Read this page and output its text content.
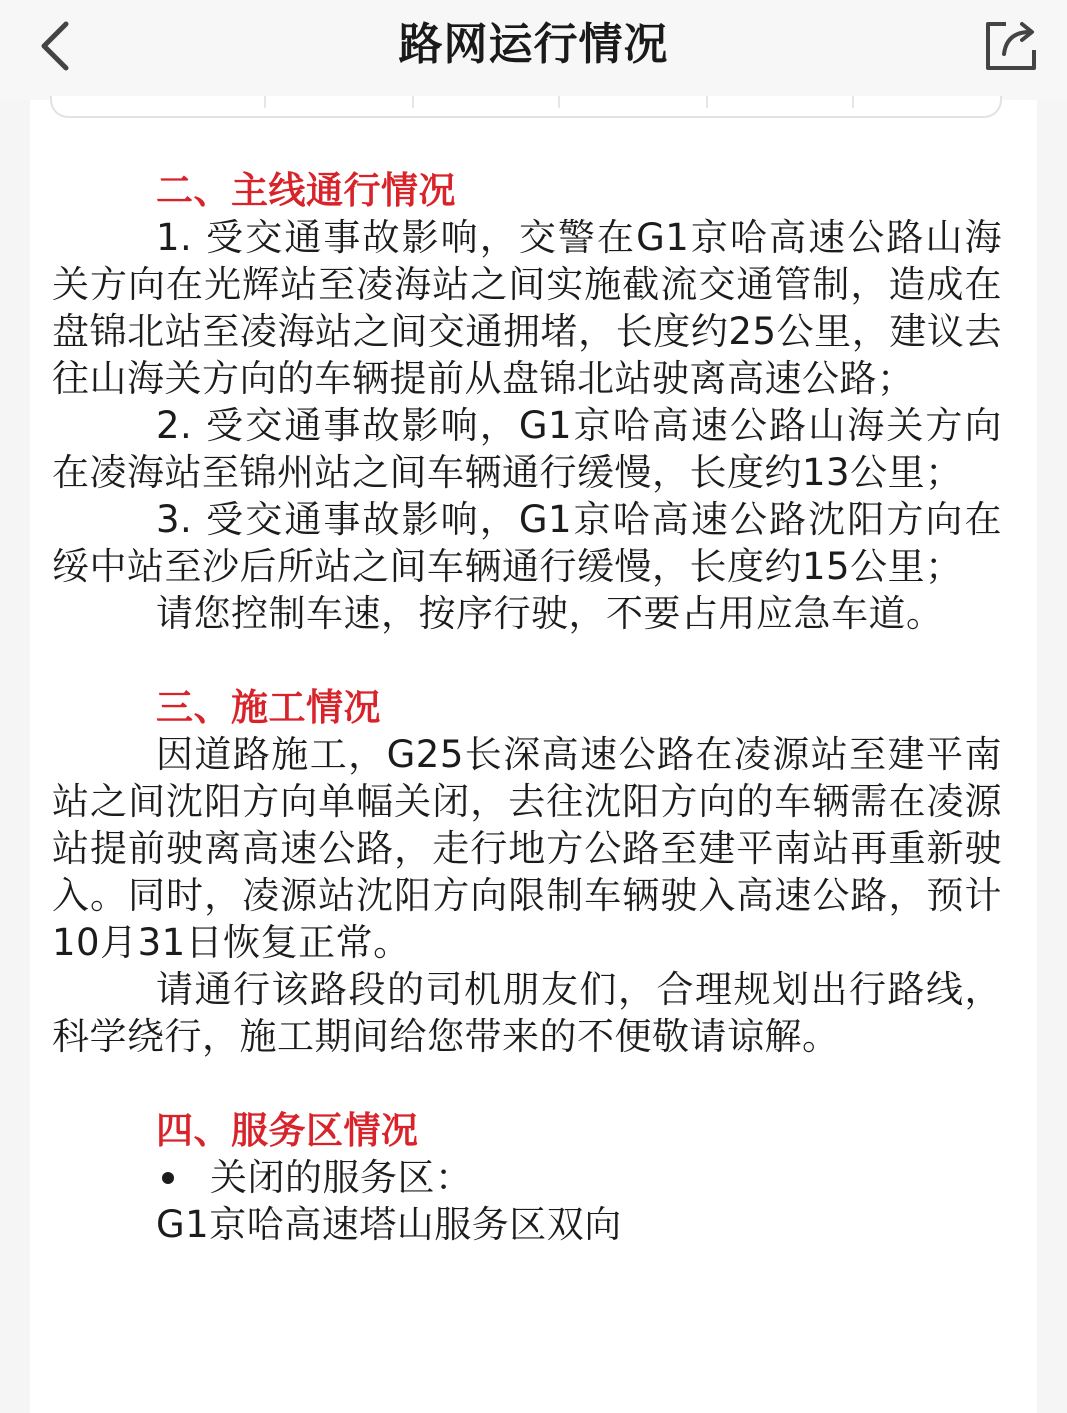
路网运行情况
二、主线通行情况

1. 受交通事故影响，交警在G1京哈高速公路山海关方向在光辉站至凌海站之间实施截流交通管制，造成在盘锦北站至凌海站之间交通拥堵，长度约25公里，建议去往山海关方向的车辆提前从盘锦北站驶离高速公路；

2. 受交通事故影响，G1京哈高速公路山海关方向在凌海站至锦州站之间车辆通行缓慢，长度约13公里；

3. 受交通事故影响，G1京哈高速公路沈阳方向在绥中站至沙后所站之间车辆通行缓慢，长度约15公里；

请您控制车速，按序行驶，不要占用应急车道。

三、施工情况

因道路施工，G25长深高速公路在凌源站至建平南站之间沈阳方向单幅关闭，去往沈阳方向的车辆需在凌源站提前驶离高速公路，走行地方公路至建平南站再重新驶入。同时，凌源站沈阳方向限制车辆驶入高速公路，预计10月31日恢复正常。

请通行该路段的司机朋友们，合理规划出行路线，科学绕行，施工期间给您带来的不便敬请谅解。

四、服务区情况
关闭的服务区：
G1京哈高速塔山服务区双向
